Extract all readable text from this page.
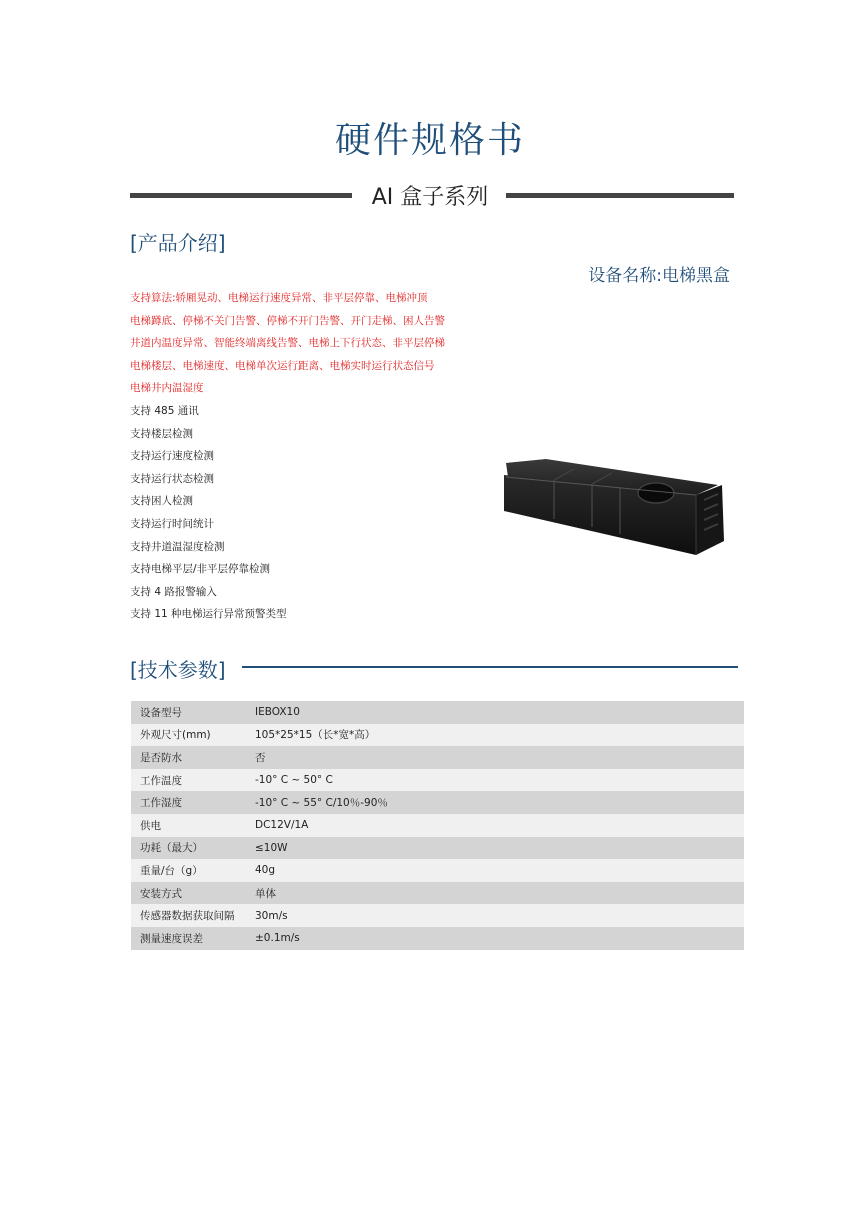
硬件规格书
AI 盒子系列
[产品介绍]
设备名称:电梯黑盒
支持算法:轿厢晃动、电梯运行速度异常、非平层停靠、电梯冲顶
电梯蹲底、停梯不关门告警、停梯不开门告警、开门走梯、困人告警
井道内温度异常、智能终端离线告警、电梯上下行状态、非平层停梯
电梯楼层、电梯速度、电梯单次运行距离、电梯实时运行状态信号
电梯井内温湿度
支持 485 通讯
支持楼层检测
支持运行速度检测
支持运行状态检测
支持困人检测
支持运行时间统计
支持井道温湿度检测
支持电梯平层/非平层停靠检测
支持 4 路报警输入
支持 11 种电梯运行异常预警类型
[技术参数]
设备型号	IEBOX10
外观尺寸(mm)	105*25*15（长*宽*高）
是否防水	否
工作温度	-10° C ~ 50° C
工作湿度	-10° C ~ 55° C/10％-90％
供电	DC12V/1A
功耗（最大）	≤10W
重量/台（g）	40g
安装方式	单体
传感器数据获取间隔	30m/s
测量速度误差	±0.1m/s
